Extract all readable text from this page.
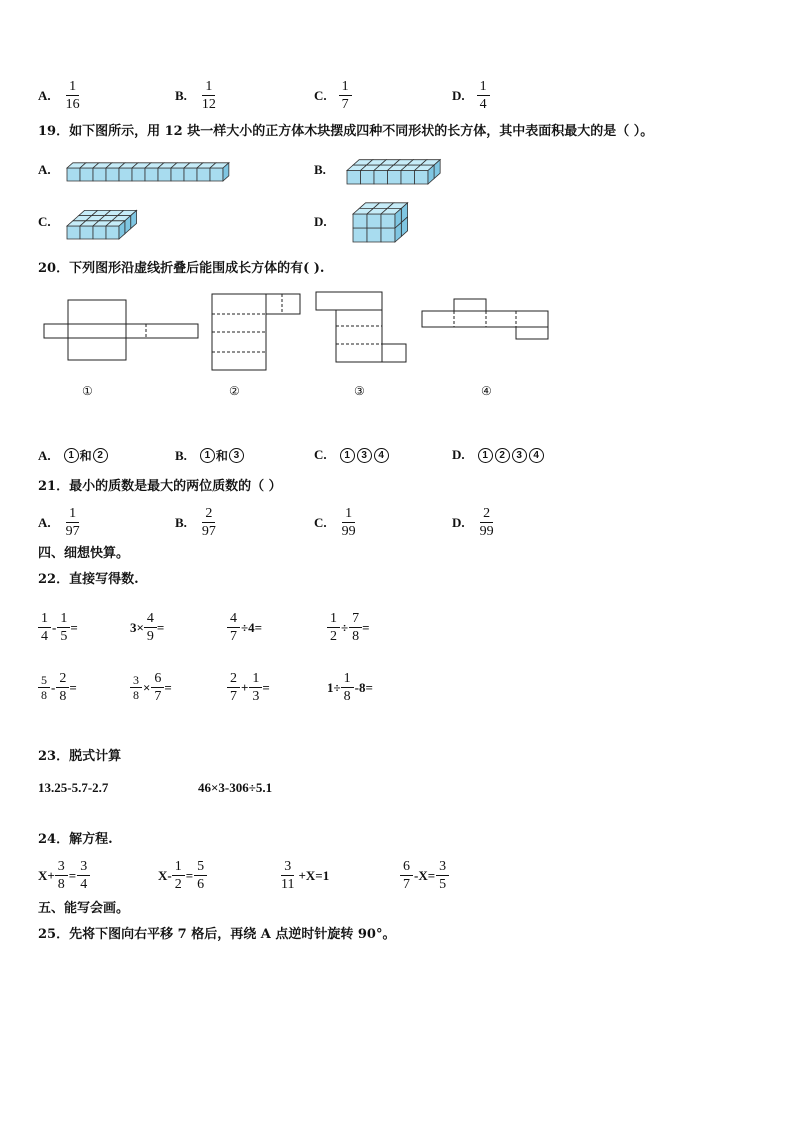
A. $\frac{1}{16}$	B. $\frac{1}{12}$	C. $\frac{1}{7}$	D. $\frac{1}{4}$
19．如下图所示，用 12 块一样大小的正方体木块摆成四种不同形状的长方体，其中表面积最大的是（ ）。
A.	B.
C.	D.
20．下列图形沿虚线折叠后能围成长方体的有( ).
①	②	③	④
A.	1 和 2	B.	1 和 3	C.	1	3	4	D.	1	2	3	4
21．最小的质数是最大的两位质数的（ ）
A. $\frac{1}{97}$	B. $\frac{2}{97}$	C. $\frac{1}{99}$	D. $\frac{2}{99}$
四、细想快算。
22．直接写得数.
$\frac{1}{4} - \frac{1}{5}$ =	$3\times \frac{4}{9}$ =	$\frac{4}{7} \div 4=$	$\frac{1}{2} \div \frac{7}{8}$ =
$\frac{5}{8} - \frac{2}{8}$ =	$\frac{3}{8} \times \frac{6}{7}$ =	$\frac{2}{7} + \frac{1}{3}$ =	$1\div \frac{1}{8} -8=$
23．脱式计算
13.25-5.7-2.7	46×3-306÷5.1
24．解方程.
$X+ \frac{3}{8} = \frac{3}{4}$	$X- \frac{1}{2} = \frac{5}{6}$	$\frac{3}{11} +X=1$	$\frac{6}{7} -X= \frac{3}{5}$
五、能写会画。
25．先将下图向右平移 7 格后，再绕 A 点逆时针旋转 90°。
